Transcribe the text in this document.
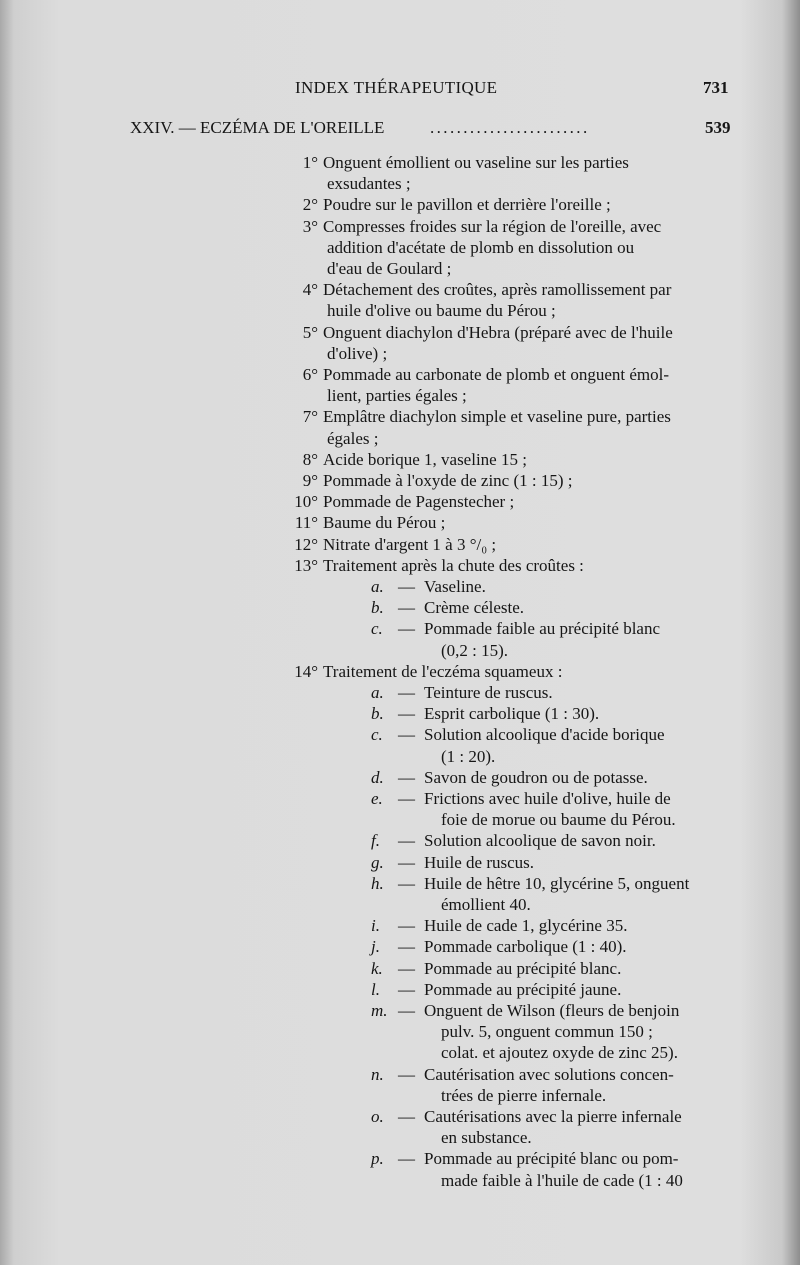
INDEX THÉRAPEUTIQUE	731
XXIV. — ECZÉMA DE L'OREILLE	........................	539
1° Onguent émollient ou vaseline sur les parties
exsudantes ;
2° Poudre sur le pavillon et derrière l'oreille ;
3° Compresses froides sur la région de l'oreille, avec
addition d'acétate de plomb en dissolution ou
d'eau de Goulard ;
4° Détachement des croûtes, après ramollissement par
huile d'olive ou baume du Pérou ;
5° Onguent diachylon d'Hebra (préparé avec de l'huile
d'olive) ;
6° Pommade au carbonate de plomb et onguent émol-
lient, parties égales ;
7° Emplâtre diachylon simple et vaseline pure, parties
égales ;
8° Acide borique 1, vaseline 15 ;
9° Pommade à l'oxyde de zinc (1 : 15) ;
10° Pommade de Pagenstecher ;
11° Baume du Pérou ;
12° Nitrate d'argent 1 à 3 °/₀ ;
13° Traitement après la chute des croûtes :
a. — Vaseline.
b. — Crème céleste.
c. — Pommade faible au précipité blanc
(0,2 : 15).
14° Traitement de l'eczéma squameux :
a. — Teinture de ruscus.
b. — Esprit carbolique (1 : 30).
c. — Solution alcoolique d'acide borique
(1 : 20).
d. — Savon de goudron ou de potasse.
e. — Frictions avec huile d'olive, huile de
foie de morue ou baume du Pérou.
f. — Solution alcoolique de savon noir.
g. — Huile de ruscus.
h. — Huile de hêtre 10, glycérine 5, onguent
émollient 40.
i. — Huile de cade 1, glycérine 35.
j. — Pommade carbolique (1 : 40).
k. — Pommade au précipité blanc.
l. — Pommade au précipité jaune.
m. — Onguent de Wilson (fleurs de benjoin
pulv. 5, onguent commun 150 ;
colat. et ajoutez oxyde de zinc 25).
n. — Cautérisation avec solutions concen-
trées de pierre infernale.
o. — Cautérisations avec la pierre infernale
en substance.
p. — Pommade au précipité blanc ou pom-
made faible à l'huile de cade (1 : 40
